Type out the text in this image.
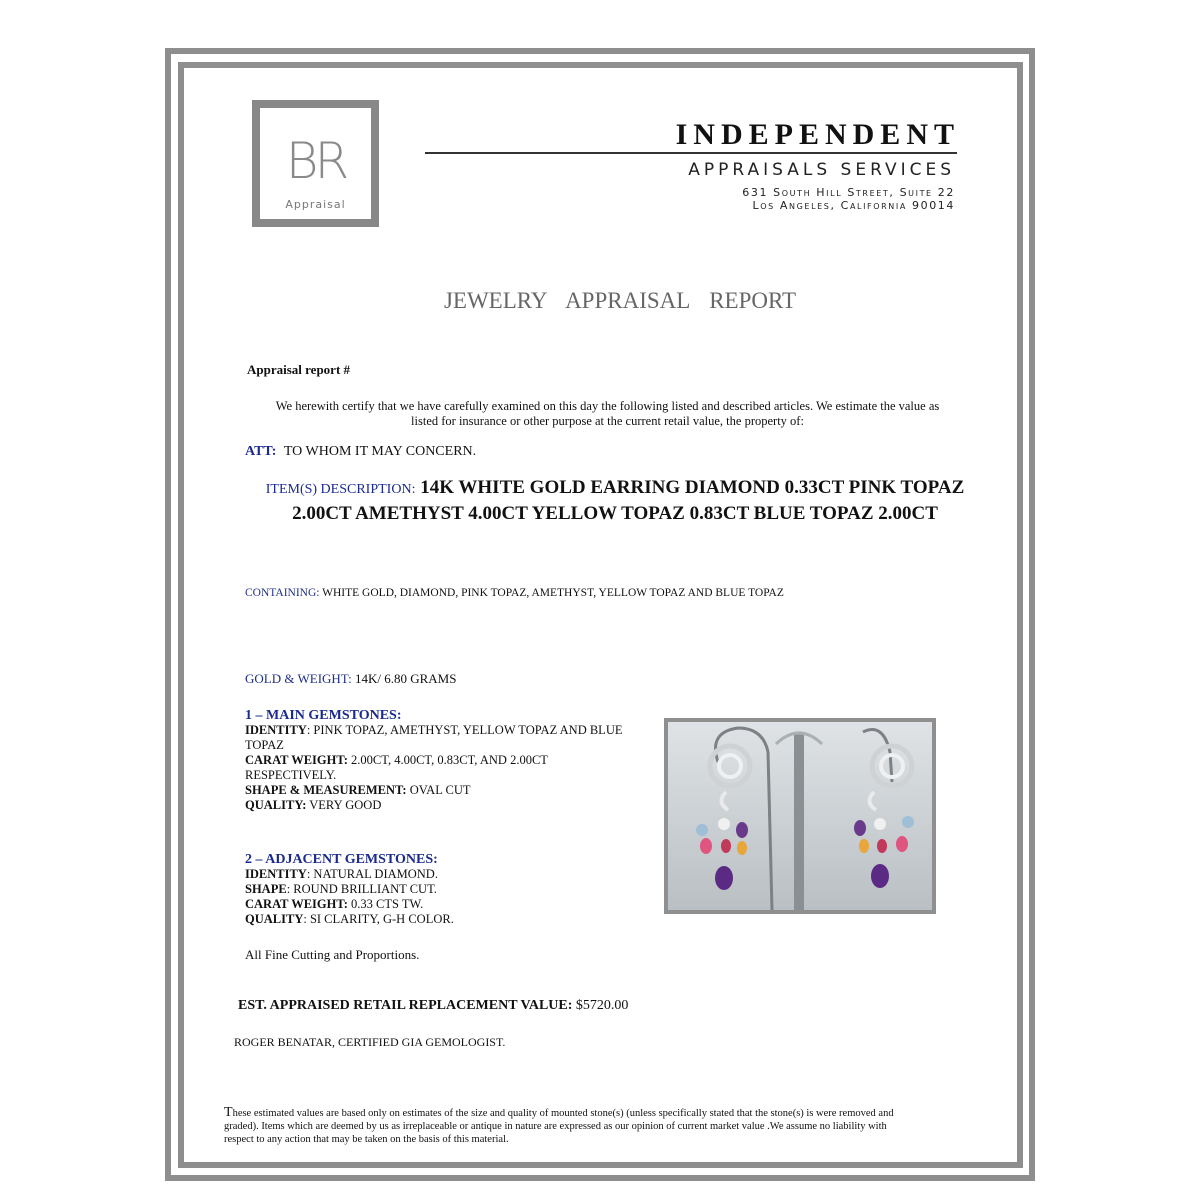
BR
Appraisal
INDEPENDENT
APPRAISALS SERVICES
631 South Hill Street, Suite 22
Los Angeles, California 90014
JEWELRY APPRAISAL REPORT
Appraisal report #
We herewith certify that we have carefully examined on this day the following listed and described articles. We estimate the value as
listed for insurance or other purpose at the current retail value, the property of:
ATT: TO WHOM IT MAY CONCERN.
ITEM(S) DESCRIPTION: 14K WHITE GOLD EARRING DIAMOND 0.33CT PINK TOPAZ 2.00CT AMETHYST 4.00CT YELLOW TOPAZ 0.83CT BLUE TOPAZ 2.00CT
CONTAINING: WHITE GOLD, DIAMOND, PINK TOPAZ, AMETHYST, YELLOW TOPAZ AND BLUE TOPAZ
GOLD & WEIGHT: 14K/ 6.80 GRAMS
1 – MAIN GEMSTONES:
IDENTITY: PINK TOPAZ, AMETHYST, YELLOW TOPAZ AND BLUE TOPAZ
CARAT WEIGHT: 2.00CT, 4.00CT, 0.83CT, AND 2.00CT RESPECTIVELY.
SHAPE & MEASUREMENT: OVAL CUT
QUALITY: VERY GOOD
2 – ADJACENT GEMSTONES:
IDENTITY: NATURAL DIAMOND.
SHAPE: ROUND BRILLIANT CUT.
CARAT WEIGHT: 0.33 CTS TW.
QUALITY: SI CLARITY, G-H COLOR.
All Fine Cutting and Proportions.
EST. APPRAISED RETAIL REPLACEMENT VALUE: $5720.00
ROGER BENATAR, CERTIFIED GIA GEMOLOGIST.
These estimated values are based only on estimates of the size and quality of mounted stone(s) (unless specifically stated that the stone(s) is were removed and graded). Items which are deemed by us as irreplaceable or antique in nature are expressed as our opinion of current market value .We assume no liability with respect to any action that may be taken on the basis of this material.
